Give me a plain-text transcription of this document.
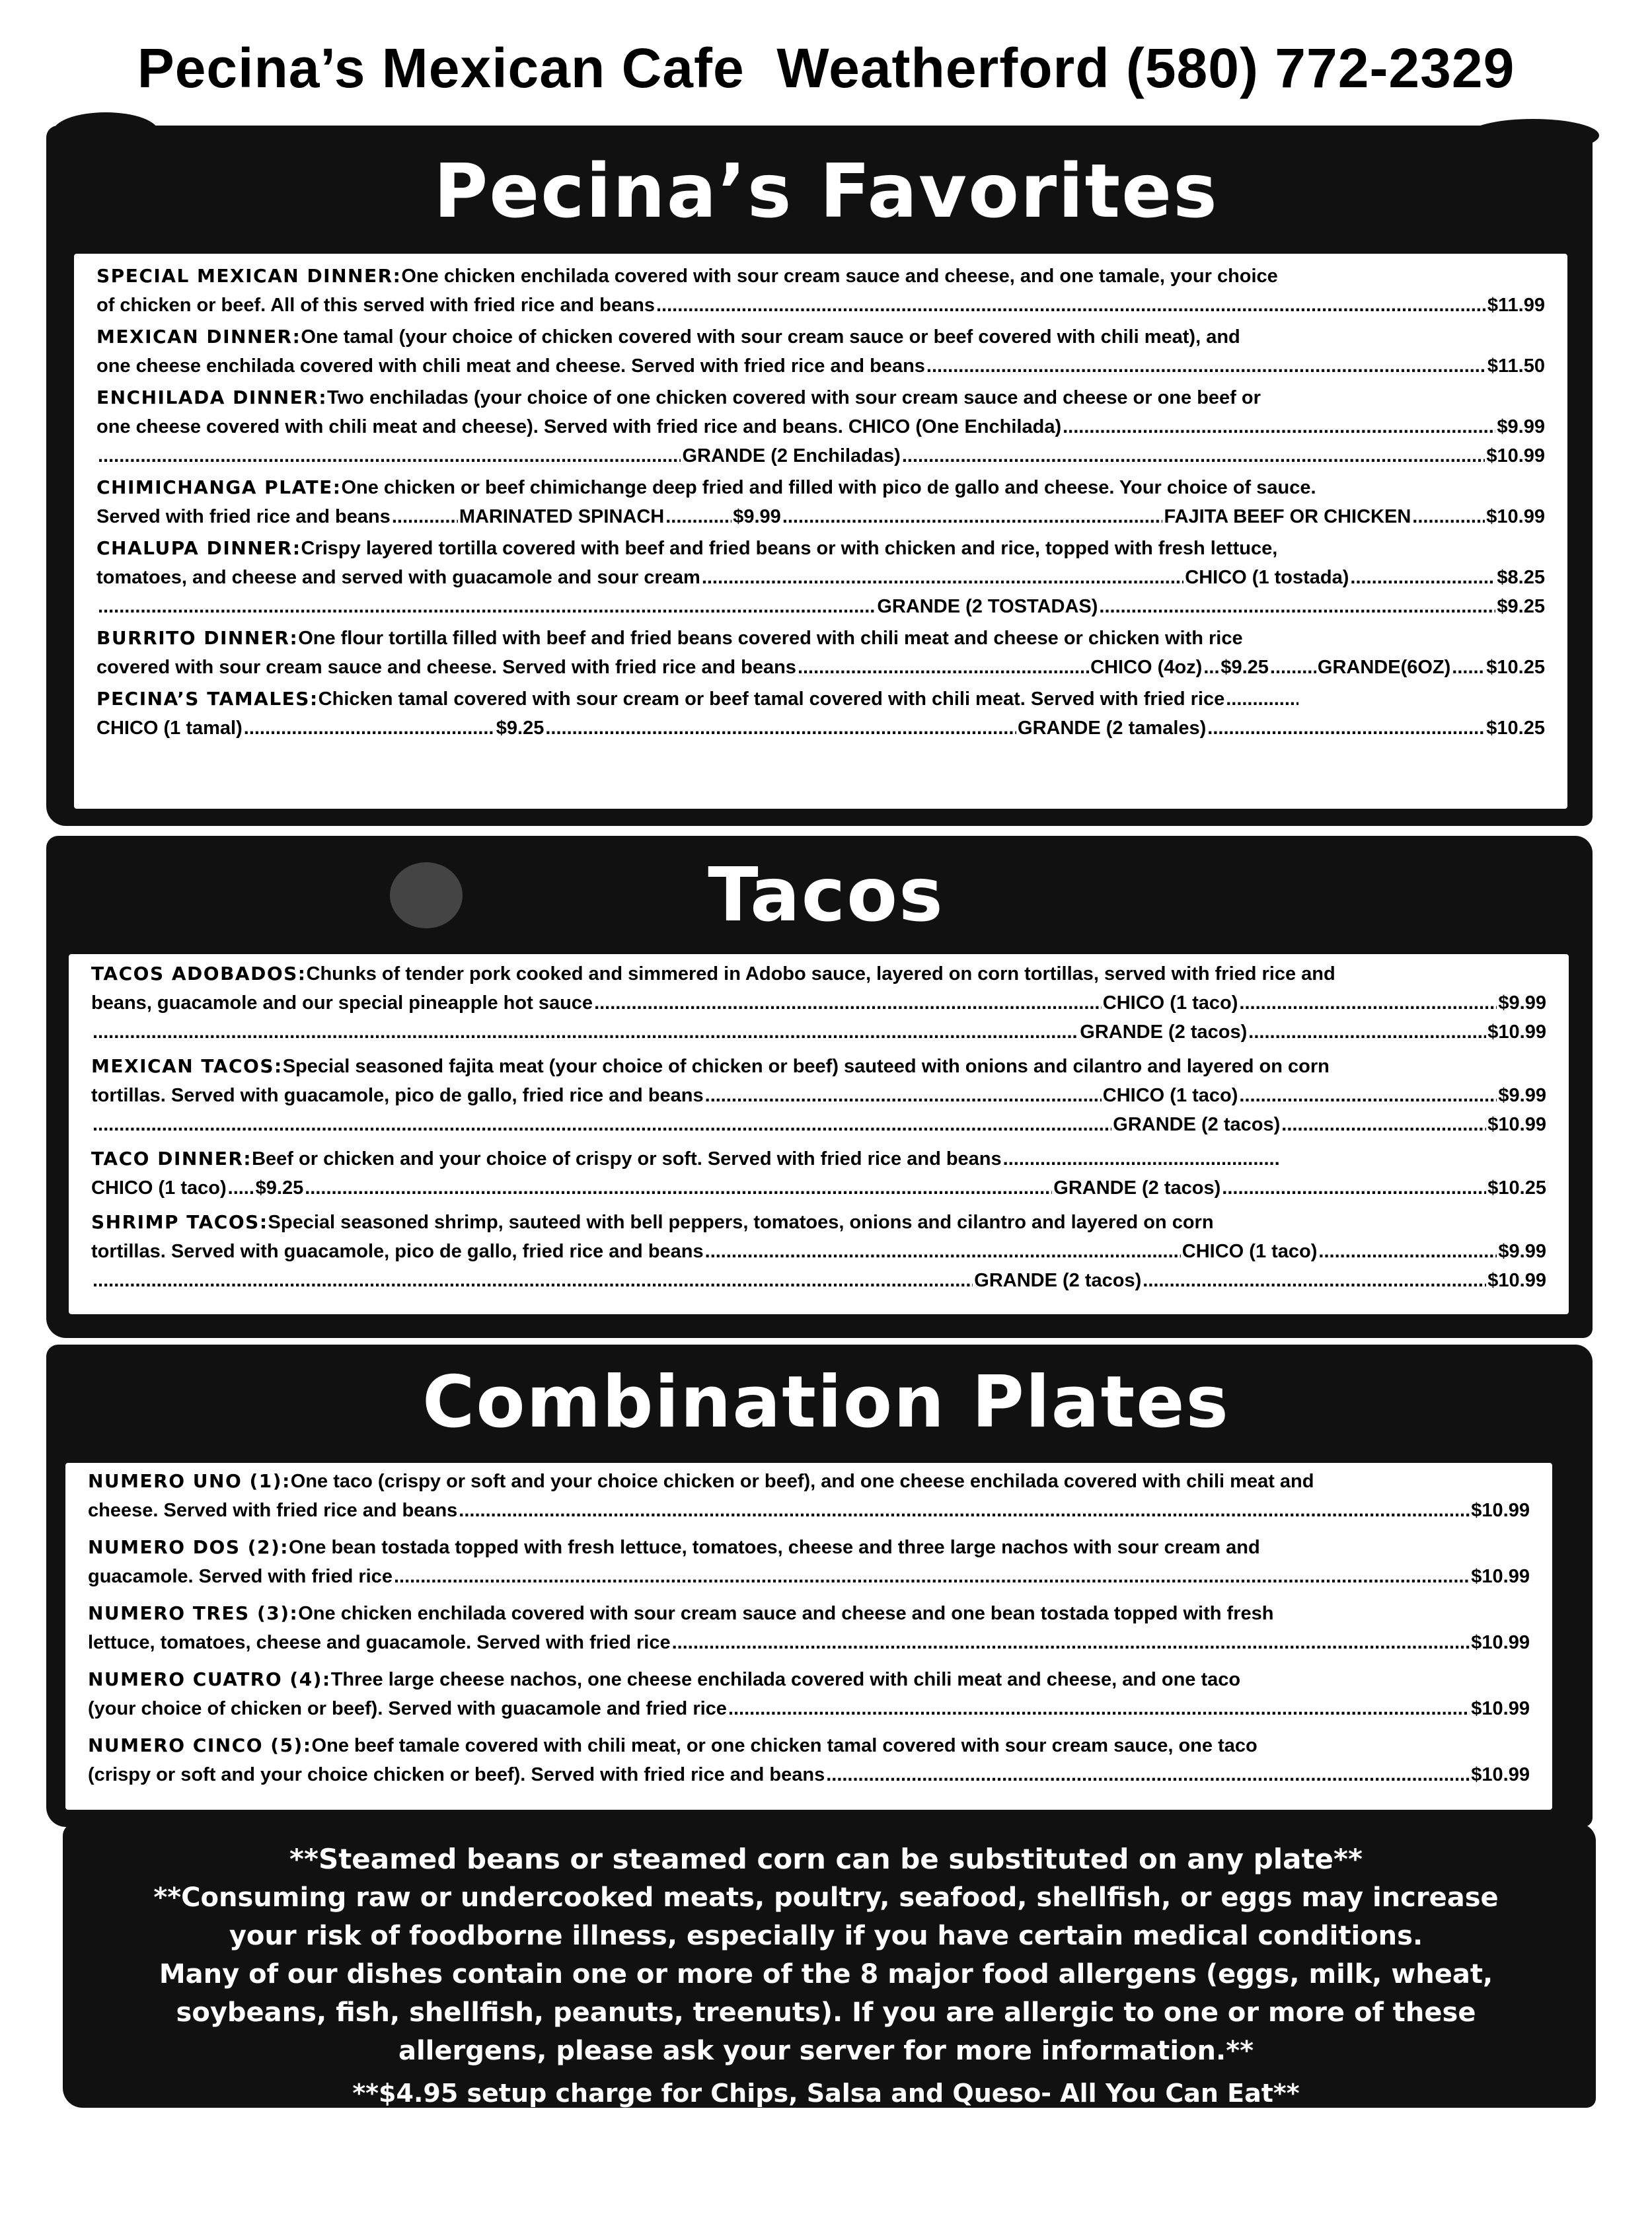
Pecina’s Mexican Cafe  Weatherford (580) 772-2329
Pecina’s Favorites
SPECIAL MEXICAN DINNER: One chicken enchilada covered with sour cream sauce and cheese, and one tamale, your choice
of chicken or beef. All of this served with fried rice and beans .....	$11.99
MEXICAN DINNER: One tamal (your choice of chicken covered with sour cream sauce or beef covered with chili meat), and
one cheese enchilada covered with chili meat and cheese. Served with fried rice and beans .....	$11.50
ENCHILADA DINNER: Two enchiladas (your choice of one chicken covered with sour cream sauce and cheese or one beef or
one cheese covered with chili meat and cheese). Served with fried rice and beans. CHICO (One Enchilada) .....	$9.99
.....
GRANDE (2 Enchiladas) .....	$10.99
CHIMICHANGA PLATE: One chicken or beef chimichange deep fried and filled with pico de gallo and cheese. Your choice of sauce.
Served with fried rice and beans .....	MARINATED SPINACH .....	$9.99 .....	FAJITA BEEF OR CHICKEN .....	$10.99
CHALUPA DINNER: Crispy layered tortilla covered with beef and fried beans or with chicken and rice, topped with fresh lettuce,
tomatoes, and cheese and served with guacamole and sour cream .....	CHICO (1 tostada) .....	$8.25
.....
GRANDE (2 TOSTADAS) .....	$9.25
BURRITO DINNER: One flour tortilla filled with beef and fried beans covered with chili meat and cheese or chicken with rice
covered with sour cream sauce and cheese. Served with fried rice and beans .....	CHICO (4oz) ..... $9.25 .....	GRANDE(6OZ) ..... $10.25
PECINA’S TAMALES: Chicken tamal covered with sour cream or beef tamal covered with chili meat. Served with fried rice
.....
CHICO (1 tamal) .....	$9.25 .....	GRANDE (2 tamales) .....	$10.25
Tacos
TACOS ADOBADOS: Chunks of tender pork cooked and simmered in Adobo sauce, layered on corn tortillas, served with fried rice and
beans, guacamole and our special pineapple hot sauce .....	CHICO (1 taco) .....	$9.99
.....
GRANDE (2 tacos) .....	$10.99
MEXICAN TACOS: Special seasoned fajita meat (your choice of chicken or beef) sauteed with onions and cilantro and layered on corn
tortillas. Served with guacamole, pico de gallo, fried rice and beans .....	CHICO (1 taco) .....	$9.99
.....
GRANDE (2 tacos) .....	$10.99
TACO DINNER: Beef or chicken and your choice of crispy or soft. Served with fried rice and beans
.....
CHICO (1 taco) ..... $9.25 .....	GRANDE (2 tacos) .....	$10.25
SHRIMP TACOS: Special seasoned shrimp, sauteed with bell peppers, tomatoes, onions and cilantro and layered on corn
tortillas. Served with guacamole, pico de gallo, fried rice and beans .....	CHICO (1 taco) .....	$9.99
.....
GRANDE (2 tacos) .....	$10.99
Combination Plates
NUMERO UNO (1): One taco (crispy or soft and your choice chicken or beef), and one cheese enchilada covered with chili meat and
cheese. Served with fried rice and beans .....	$10.99
NUMERO DOS (2): One bean tostada topped with fresh lettuce, tomatoes, cheese and three large nachos with sour cream and
guacamole. Served with fried rice .....	$10.99
NUMERO TRES (3): One chicken enchilada covered with sour cream sauce and cheese and one bean tostada topped with fresh
lettuce, tomatoes, cheese and guacamole. Served with fried rice .....	$10.99
NUMERO CUATRO (4): Three large cheese nachos, one cheese enchilada covered with chili meat and cheese, and one taco
(your choice of chicken or beef). Served with guacamole and fried rice .....	$10.99
NUMERO CINCO (5): One beef tamale covered with chili meat, or one chicken tamal covered with sour cream sauce, one taco
(crispy or soft and your choice chicken or beef). Served with fried rice and beans .....	$10.99
**Steamed beans or steamed corn can be substituted on any plate**
**Consuming raw or undercooked meats, poultry, seafood, shellfish, or eggs may increase
your risk of foodborne illness, especially if you have certain medical conditions.
Many of our dishes contain one or more of the 8 major food allergens (eggs, milk, wheat,
soybeans, fish, shellfish, peanuts, treenuts). If you are allergic to one or more of these
allergens, please ask your server for more information.**
**$4.95 setup charge for Chips, Salsa and Queso- All You Can Eat**
